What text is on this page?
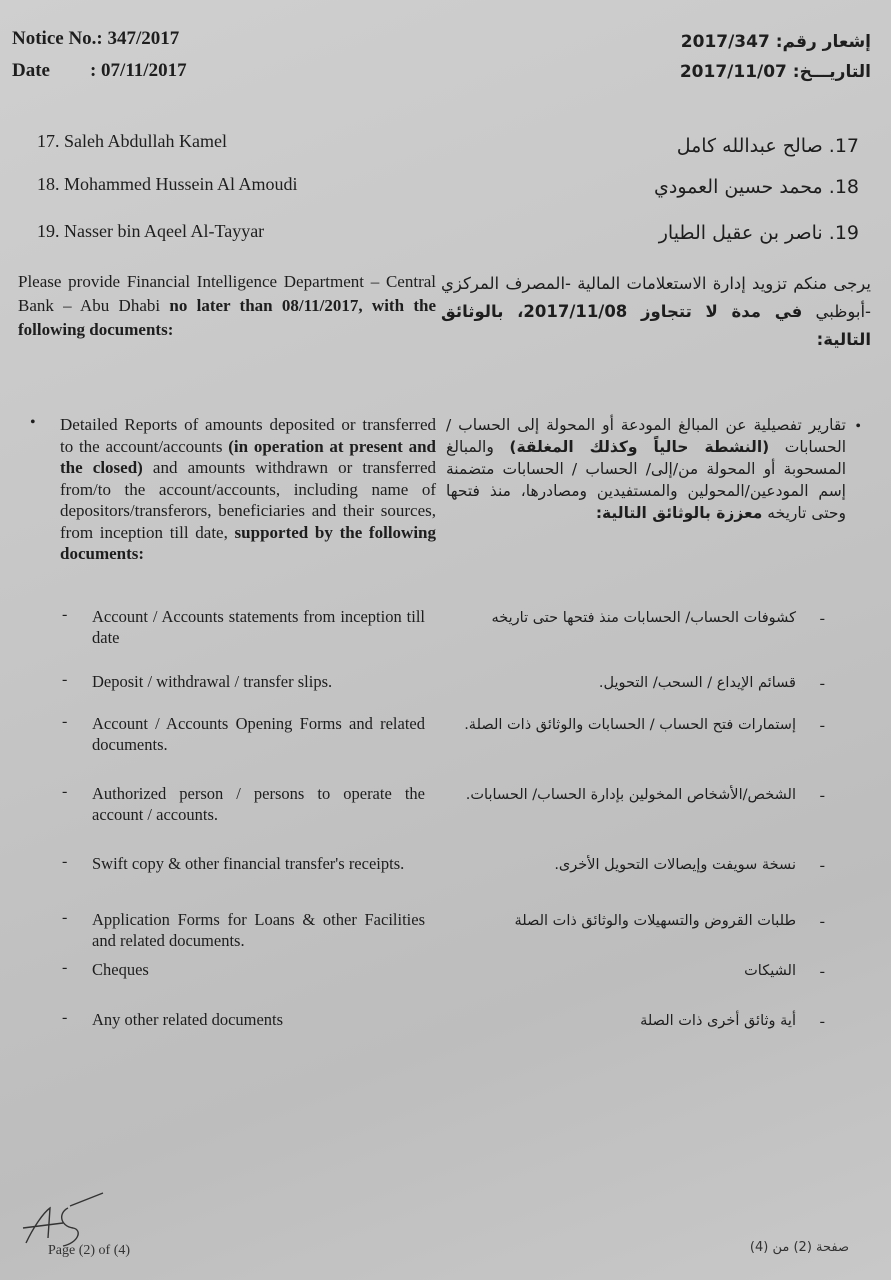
Notice No.: 347/2017
Date : 07/11/2017
إشعار رقم: 2017/347
التاريـــخ: 2017/11/07
17. Saleh Abdullah Kamel
18. Mohammed Hussein Al Amoudi
19. Nasser bin Aqeel Al-Tayyar
17. صالح عبدالله كامل
18. محمد حسين العمودي
19. ناصر بن عقيل الطيار
Please provide Financial Intelligence Department – Central Bank – Abu Dhabi no later than 08/11/2017, with the following documents:
يرجى منكم تزويد إدارة الاستعلامات المالية -المصرف المركزي -أبوظبي في مدة لا تتجاوز 2017/11/08، بالوثائق التالية:
• Detailed Reports of amounts deposited or transferred to the account/accounts (in operation at present and the closed) and amounts withdrawn or transferred from/to the account/accounts, including name of depositors/transferors, beneficiaries and their sources, from inception till date, supported by the following documents:
•
تقارير تفصيلية عن المبالغ المودعة أو المحولة إلى الحساب / الحسابات (النشطة حالياً وكذلك المغلقة) والمبالغ المسحوبة أو المحولة من/إلى/ الحساب / الحسابات متضمنة إسم المودعين/المحولين والمستفيدين ومصادرها، منذ فتحها وحتى تاريخه معززة بالوثائق التالية:
- Account / Accounts statements from inception till date
-
كشوفات الحساب/ الحسابات منذ فتحها حتى تاريخه
- Deposit / withdrawal / transfer slips.	-
قسائم الإيداع / السحب/ التحويل.
- Account / Accounts Opening Forms and related documents.
-
إستمارات فتح الحساب / الحسابات والوثائق ذات الصلة.
- Authorized person / persons to operate the account / accounts.
-
الشخص/الأشخاص المخولين بإدارة الحساب/ الحسابات.
- Swift copy & other financial transfer's receipts.	-
نسخة سويفت وإيصالات التحويل الأخرى.
- Application Forms for Loans & other Facilities and related documents.
-
طلبات القروض والتسهيلات والوثائق ذات الصلة
- Cheques	-
الشيكات
- Any other related documents	-
أية وثائق أخرى ذات الصلة
Page (2) of (4)	صفحة (2) من (4)
